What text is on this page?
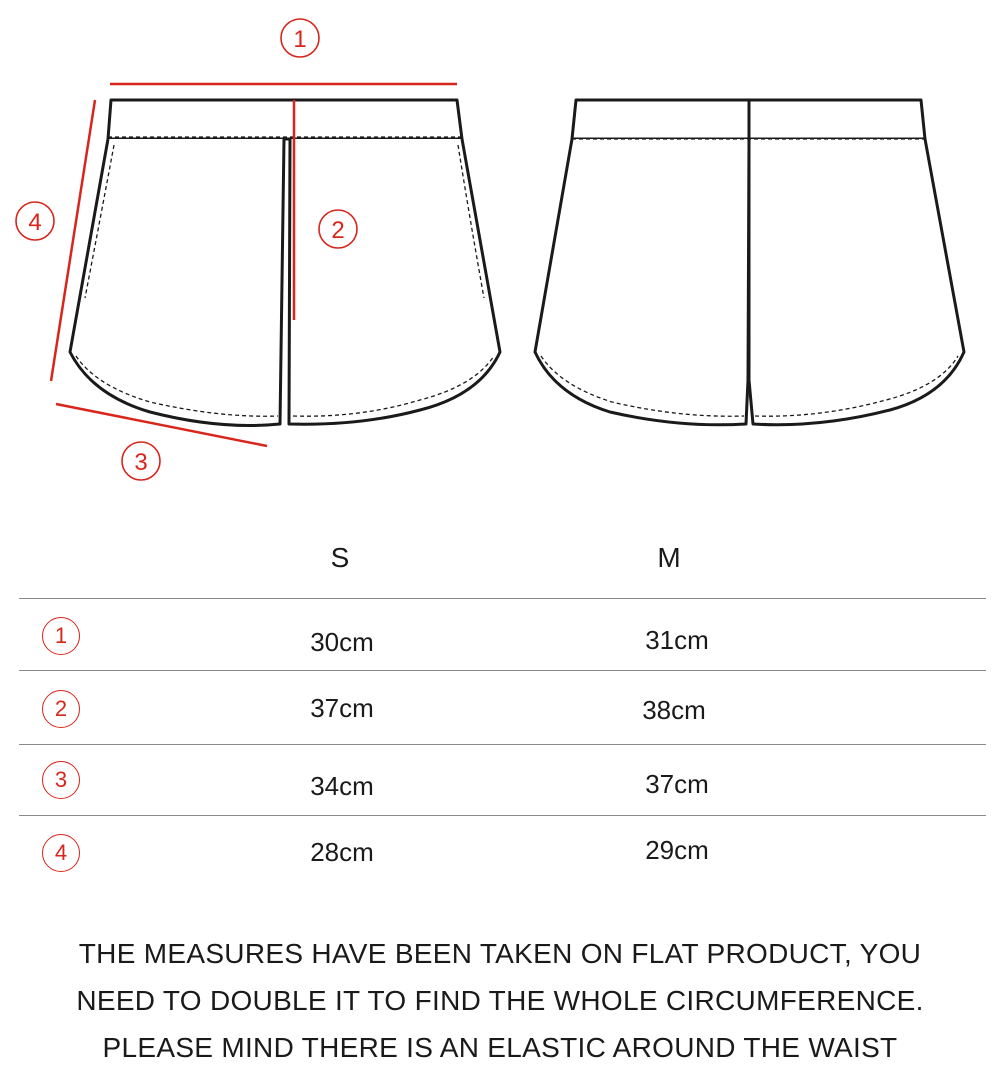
1
2
3
4
S	M
1	30cm	31cm
2	37cm	38cm
3	34cm	37cm
4	28cm	29cm
THE MEASURES HAVE BEEN TAKEN ON FLAT PRODUCT, YOU
NEED TO DOUBLE IT TO FIND THE WHOLE CIRCUMFERENCE.
PLEASE MIND THERE IS AN ELASTIC AROUND THE WAIST
